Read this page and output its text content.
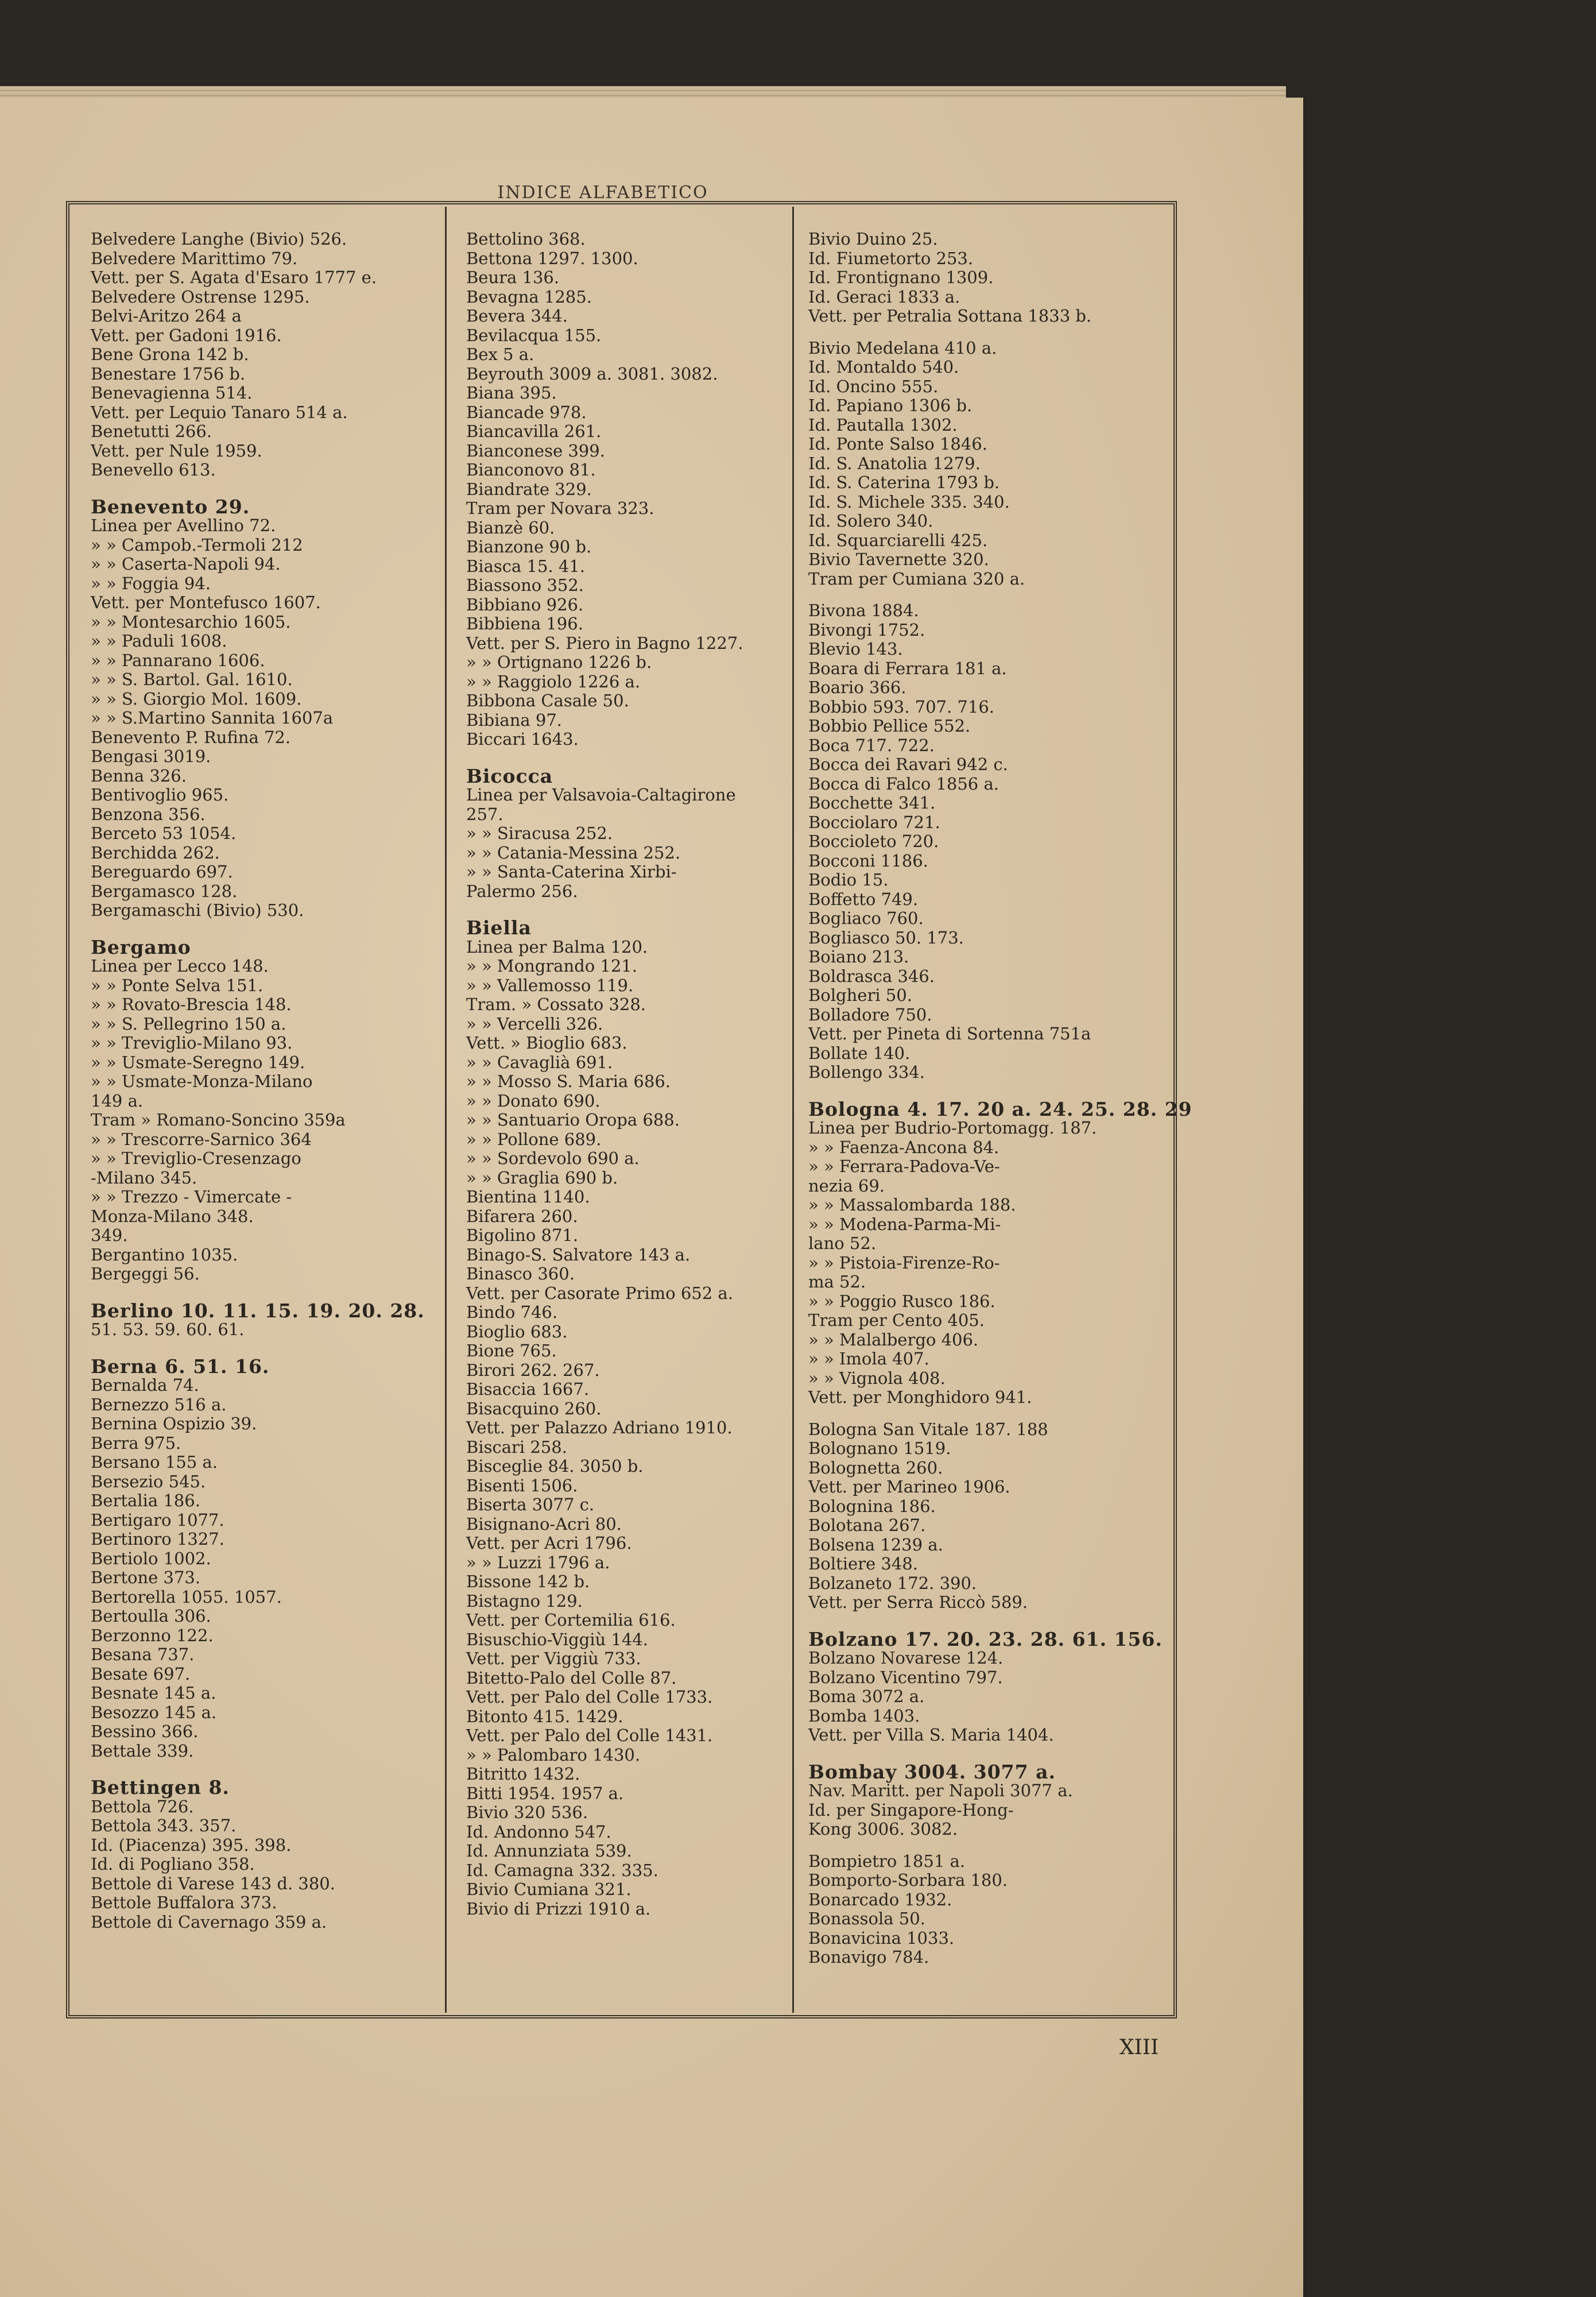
INDICE ALFABETICO
Belvedere Langhe (Bivio) 526.
Belvedere Marittimo 79.
Vett. per S. Agata d'Esaro 1777 e.
Belvedere Ostrense 1295.
Belvi-Aritzo 264 a
Vett. per Gadoni 1916.
Bene Grona 142 b.
Benestare 1756 b.
Benevagienna 514.
Vett. per Lequio Tanaro 514 a.
Benetutti 266.
Vett. per Nule 1959.
Benevello 613.
Benevento 29.
Linea per Avellino 72.
» » Campob.-Termoli 212
» » Caserta-Napoli 94.
» » Foggia 94.
Vett. per Montefusco 1607.
» » Montesarchio 1605.
» » Paduli 1608.
» » Pannarano 1606.
» » S. Bartol. Gal. 1610.
» » S. Giorgio Mol. 1609.
» » S.Martino Sannita 1607a
Benevento P. Rufina 72.
Bengasi 3019.
Benna 326.
Bentivoglio 965.
Benzona 356.
Berceto 53 1054.
Berchidda 262.
Bereguardo 697.
Bergamasco 128.
Bergamaschi (Bivio) 530.
Bergamo
Linea per Lecco 148.
» » Ponte Selva 151.
» » Rovato-Brescia 148.
» » S. Pellegrino 150 a.
» » Treviglio-Milano 93.
» » Usmate-Seregno 149.
» » Usmate-Monza-Milano
149 a.
Tram » Romano-Soncino 359a
» » Trescorre-Sarnico 364
» » Treviglio-Cresenzago
-Milano 345.
» » Trezzo - Vimercate -
Monza-Milano 348.
349.
Bergantino 1035.
Bergeggi 56.
Berlino 10. 11. 15. 19. 20. 28.
51. 53. 59. 60. 61.
Berna 6. 51. 16.
Bernalda 74.
Bernezzo 516 a.
Bernina Ospizio 39.
Berra 975.
Bersano 155 a.
Bersezio 545.
Bertalia 186.
Bertigaro 1077.
Bertinoro 1327.
Bertiolo 1002.
Bertone 373.
Bertorella 1055. 1057.
Bertoulla 306.
Berzonno 122.
Besana 737.
Besate 697.
Besnate 145 a.
Besozzo 145 a.
Bessino 366.
Bettale 339.
Bettingen 8.
Bettola 726.
Bettola 343. 357.
Id. (Piacenza) 395. 398.
Id. di Pogliano 358.
Bettole di Varese 143 d. 380.
Bettole Buffalora 373.
Bettole di Cavernago 359 a.
Bettolino 368.
Bettona 1297. 1300.
Beura 136.
Bevagna 1285.
Bevera 344.
Bevilacqua 155.
Bex 5 a.
Beyrouth 3009 a. 3081. 3082.
Biana 395.
Biancade 978.
Biancavilla 261.
Bianconese 399.
Bianconovo 81.
Biandrate 329.
Tram per Novara 323.
Bianzè 60.
Bianzone 90 b.
Biasca 15. 41.
Biassono 352.
Bibbiano 926.
Bibbiena 196.
Vett. per S. Piero in Bagno 1227.
» » Ortignano 1226 b.
» » Raggiolo 1226 a.
Bibbona Casale 50.
Bibiana 97.
Biccari 1643.
Bicocca
Linea per Valsavoia-Caltagirone
257.
» » Siracusa 252.
» » Catania-Messina 252.
» » Santa-Caterina Xirbi-
Palermo 256.
Biella
Linea per Balma 120.
» » Mongrando 121.
» » Vallemosso 119.
Tram. » Cossato 328.
» » Vercelli 326.
Vett. » Bioglio 683.
» » Cavaglià 691.
» » Mosso S. Maria 686.
» » Donato 690.
» » Santuario Oropa 688.
» » Pollone 689.
» » Sordevolo 690 a.
» » Graglia 690 b.
Bientina 1140.
Bifarera 260.
Bigolino 871.
Binago-S. Salvatore 143 a.
Binasco 360.
Vett. per Casorate Primo 652 a.
Bindo 746.
Bioglio 683.
Bione 765.
Birori 262. 267.
Bisaccia 1667.
Bisacquino 260.
Vett. per Palazzo Adriano 1910.
Biscari 258.
Bisceglie 84. 3050 b.
Bisenti 1506.
Biserta 3077 c.
Bisignano-Acri 80.
Vett. per Acri 1796.
» » Luzzi 1796 a.
Bissone 142 b.
Bistagno 129.
Vett. per Cortemilia 616.
Bisuschio-Viggiù 144.
Vett. per Viggiù 733.
Bitetto-Palo del Colle 87.
Vett. per Palo del Colle 1733.
Bitonto 415. 1429.
Vett. per Palo del Colle 1431.
» » Palombaro 1430.
Bitritto 1432.
Bitti 1954. 1957 a.
Bivio 320 536.
Id. Andonno 547.
Id. Annunziata 539.
Id. Camagna 332. 335.
Bivio Cumiana 321.
Bivio di Prizzi 1910 a.
Bivio Duino 25.
Id. Fiumetorto 253.
Id. Frontignano 1309.
Id. Geraci 1833 a.
Vett. per Petralia Sottana 1833 b.
Bivio Medelana 410 a.
Id. Montaldo 540.
Id. Oncino 555.
Id. Papiano 1306 b.
Id. Pautalla 1302.
Id. Ponte Salso 1846.
Id. S. Anatolia 1279.
Id. S. Caterina 1793 b.
Id. S. Michele 335. 340.
Id. Solero 340.
Id. Squarciarelli 425.
Bivio Tavernette 320.
Tram per Cumiana 320 a.
Bivona 1884.
Bivongi 1752.
Blevio 143.
Boara di Ferrara 181 a.
Boario 366.
Bobbio 593. 707. 716.
Bobbio Pellice 552.
Boca 717. 722.
Bocca dei Ravari 942 c.
Bocca di Falco 1856 a.
Bocchette 341.
Bocciolaro 721.
Boccioleto 720.
Bocconi 1186.
Bodio 15.
Boffetto 749.
Bogliaco 760.
Bogliasco 50. 173.
Boiano 213.
Boldrasca 346.
Bolgheri 50.
Bolladore 750.
Vett. per Pineta di Sortenna 751a
Bollate 140.
Bollengo 334.
Bologna 4. 17. 20 a. 24. 25. 28. 29
Linea per Budrio-Portomagg. 187.
» » Faenza-Ancona 84.
» » Ferrara-Padova-Ve-
nezia 69.
» » Massalombarda 188.
» » Modena-Parma-Mi-
lano 52.
» » Pistoia-Firenze-Ro-
ma 52.
» » Poggio Rusco 186.
Tram per Cento 405.
» » Malalbergo 406.
» » Imola 407.
» » Vignola 408.
Vett. per Monghidoro 941.
Bologna San Vitale 187. 188
Bolognano 1519.
Bolognetta 260.
Vett. per Marineo 1906.
Bolognina 186.
Bolotana 267.
Bolsena 1239 a.
Boltiere 348.
Bolzaneto 172. 390.
Vett. per Serra Riccò 589.
Bolzano 17. 20. 23. 28. 61. 156.
Bolzano Novarese 124.
Bolzano Vicentino 797.
Boma 3072 a.
Bomba 1403.
Vett. per Villa S. Maria 1404.
Bombay 3004. 3077 a.
Nav. Maritt. per Napoli 3077 a.
Id. per Singapore-Hong-
Kong 3006. 3082.
Bompietro 1851 a.
Bomporto-Sorbara 180.
Bonarcado 1932.
Bonassola 50.
Bonavicina 1033.
Bonavigo 784.
XIII
